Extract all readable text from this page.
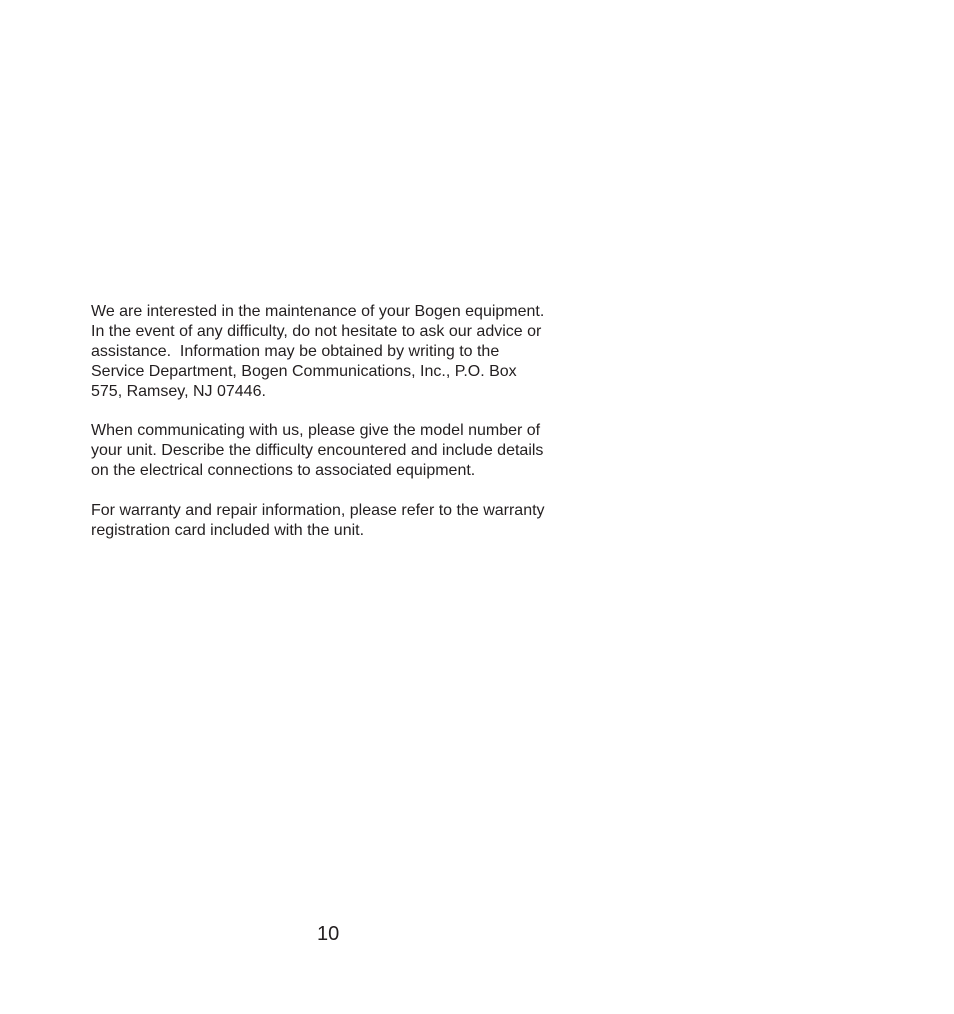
We are interested in the maintenance of your Bogen equipment.
In the event of any difficulty, do not hesitate to ask our advice or
assistance.  Information may be obtained by writing to the
Service Department, Bogen Communications, Inc., P.O. Box
575, Ramsey, NJ 07446.

When communicating with us, please give the model number of
your unit. Describe the difficulty encountered and include details
on the electrical connections to associated equipment.

For warranty and repair information, please refer to the warranty
registration card included with the unit.

10
